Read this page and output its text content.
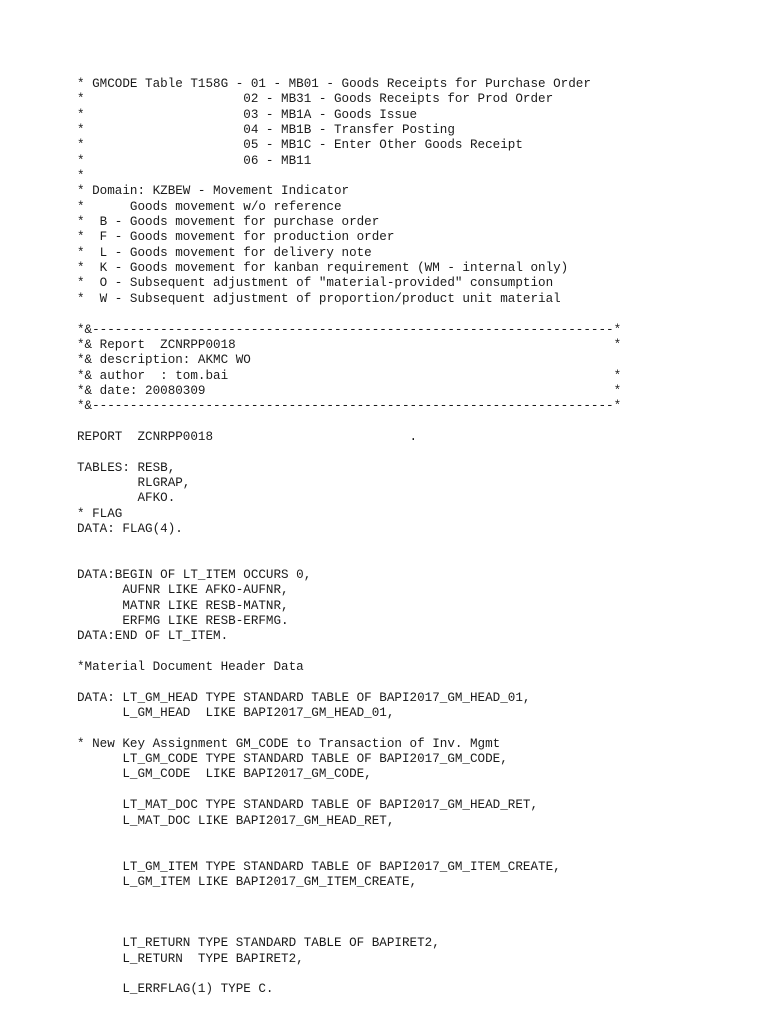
* GMCODE Table T158G - 01 - MB01 - Goods Receipts for Purchase Order
*                     02 - MB31 - Goods Receipts for Prod Order
*                     03 - MB1A - Goods Issue
*                     04 - MB1B - Transfer Posting
*                     05 - MB1C - Enter Other Goods Receipt
*                     06 - MB11
*
* Domain: KZBEW - Movement Indicator
*      Goods movement w/o reference
*  B - Goods movement for purchase order
*  F - Goods movement for production order
*  L - Goods movement for delivery note
*  K - Goods movement for kanban requirement (WM - internal only)
*  O - Subsequent adjustment of "material-provided" consumption
*  W - Subsequent adjustment of proportion/product unit material
*&---------------------------------------------------------------------*
*& Report  ZCNRPP0018                                                  *
*& description: AKMC WO
*& author  : tom.bai                                                   *
*& date: 20080309                                                      *
*&---------------------------------------------------------------------*
REPORT  ZCNRPP0018                          .
TABLES: RESB,
RLGRAP,
AFKO.
* FLAG
DATA: FLAG(4).
DATA:BEGIN OF LT_ITEM OCCURS 0,
AUFNR LIKE AFKO-AUFNR,
MATNR LIKE RESB-MATNR,
ERFMG LIKE RESB-ERFMG.
DATA:END OF LT_ITEM.
*Material Document Header Data
DATA: LT_GM_HEAD TYPE STANDARD TABLE OF BAPI2017_GM_HEAD_01,
L_GM_HEAD  LIKE BAPI2017_GM_HEAD_01,
* New Key Assignment GM_CODE to Transaction of Inv. Mgmt
LT_GM_CODE TYPE STANDARD TABLE OF BAPI2017_GM_CODE,
L_GM_CODE  LIKE BAPI2017_GM_CODE,
LT_MAT_DOC TYPE STANDARD TABLE OF BAPI2017_GM_HEAD_RET,
L_MAT_DOC LIKE BAPI2017_GM_HEAD_RET,
LT_GM_ITEM TYPE STANDARD TABLE OF BAPI2017_GM_ITEM_CREATE,
L_GM_ITEM LIKE BAPI2017_GM_ITEM_CREATE,
LT_RETURN TYPE STANDARD TABLE OF BAPIRET2,
L_RETURN  TYPE BAPIRET2,
L_ERRFLAG(1) TYPE C.
